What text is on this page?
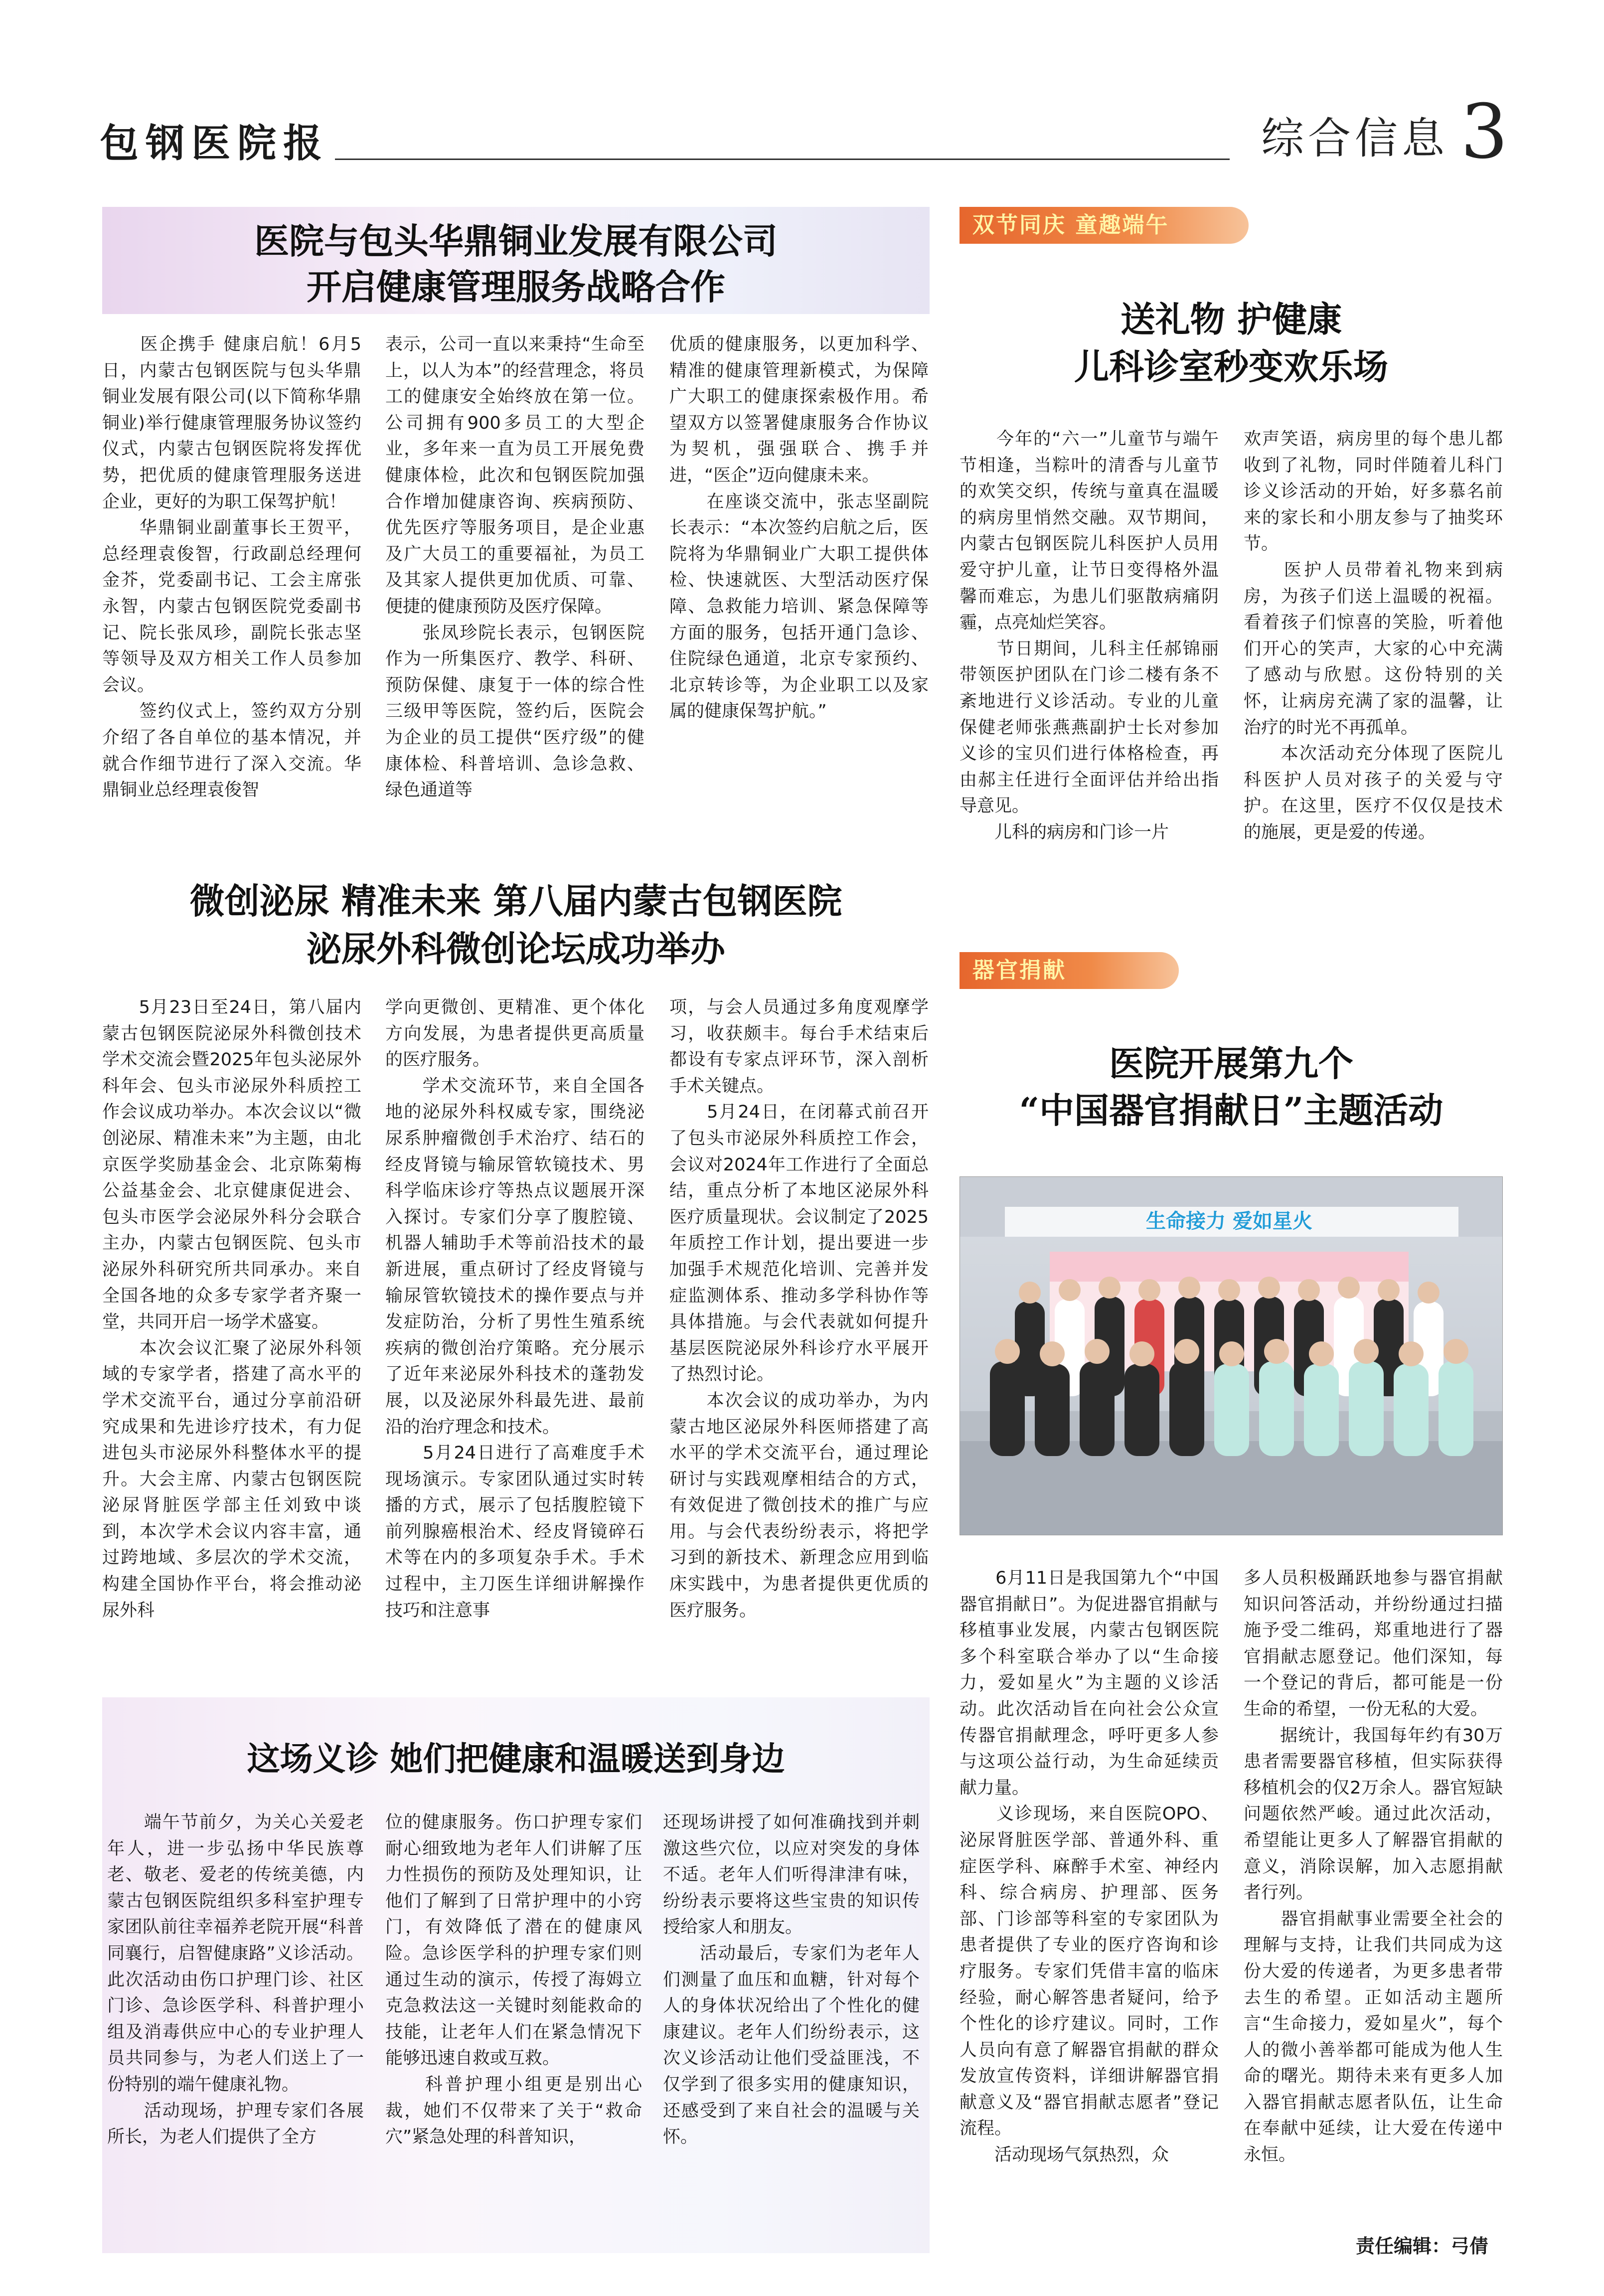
包钢医院报	综合信息 3
医院与包头华鼎铜业发展有限公司
开启健康管理服务战略合作
　　医企携手 健康启航！6月5日，内蒙古包钢医院与包头华鼎铜业发展有限公司(以下简称华鼎铜业)举行健康管理服务协议签约仪式，内蒙古包钢医院将发挥优势，把优质的健康管理服务送进企业，更好的为职工保驾护航！
　　华鼎铜业副董事长王贺平，总经理袁俊智，行政副总经理何金芥，党委副书记、工会主席张永智，内蒙古包钢医院党委副书记、院长张凤珍，副院长张志坚等领导及双方相关工作人员参加会议。
　　签约仪式上，签约双方分别介绍了各自单位的基本情况，并就合作细节进行了深入交流。华鼎铜业总经理袁俊智
表示，公司一直以来秉持“生命至上，以人为本”的经营理念，将员工的健康安全始终放在第一位。公司拥有900多员工的大型企业，多年来一直为员工开展免费健康体检，此次和包钢医院加强合作增加健康咨询、疾病预防、优先医疗等服务项目，是企业惠及广大员工的重要福祉，为员工及其家人提供更加优质、可靠、便捷的健康预防及医疗保障。
　　张凤珍院长表示，包钢医院作为一所集医疗、教学、科研、预防保健、康复于一体的综合性三级甲等医院，签约后，医院会为企业的员工提供“医疗级”的健康体检、科普培训、急诊急救、绿色通道等
优质的健康服务，以更加科学、精准的健康管理新模式，为保障广大职工的健康探索极作用。希望双方以签署健康服务合作协议为契机，强强联合、携手并进，“医企”迈向健康未来。
　　在座谈交流中，张志坚副院长表示：“本次签约启航之后，医院将为华鼎铜业广大职工提供体检、快速就医、大型活动医疗保障、急救能力培训、紧急保障等方面的服务，包括开通门急诊、住院绿色通道，北京专家预约、北京转诊等，为企业职工以及家属的健康保驾护航。”
微创泌尿 精准未来 第八届内蒙古包钢医院
泌尿外科微创论坛成功举办
　　5月23日至24日，第八届内蒙古包钢医院泌尿外科微创技术学术交流会暨2025年包头泌尿外科年会、包头市泌尿外科质控工作会议成功举办。本次会议以“微创泌尿、精准未来”为主题，由北京医学奖励基金会、北京陈菊梅公益基金会、北京健康促进会、包头市医学会泌尿外科分会联合主办，内蒙古包钢医院、包头市泌尿外科研究所共同承办。来自全国各地的众多专家学者齐聚一堂，共同开启一场学术盛宴。
　　本次会议汇聚了泌尿外科领域的专家学者，搭建了高水平的学术交流平台，通过分享前沿研究成果和先进诊疗技术，有力促进包头市泌尿外科整体水平的提升。大会主席、内蒙古包钢医院泌尿肾脏医学部主任刘致中谈到，本次学术会议内容丰富，通过跨地域、多层次的学术交流，构建全国协作平台，将会推动泌尿外科
学向更微创、更精准、更个体化方向发展，为患者提供更高质量的医疗服务。
　　学术交流环节，来自全国各地的泌尿外科权威专家，围绕泌尿系肿瘤微创手术治疗、结石的经皮肾镜与输尿管软镜技术、男科学临床诊疗等热点议题展开深入探讨。专家们分享了腹腔镜、机器人辅助手术等前沿技术的最新进展，重点研讨了经皮肾镜与输尿管软镜技术的操作要点与并发症防治，分析了男性生殖系统疾病的微创治疗策略。充分展示了近年来泌尿外科技术的蓬勃发展，以及泌尿外科最先进、最前沿的治疗理念和技术。
　　5月24日进行了高难度手术现场演示。专家团队通过实时转播的方式，展示了包括腹腔镜下前列腺癌根治术、经皮肾镜碎石术等在内的多项复杂手术。手术过程中，主刀医生详细讲解操作技巧和注意事
项，与会人员通过多角度观摩学习，收获颇丰。每台手术结束后都设有专家点评环节，深入剖析手术关键点。
　　5月24日，在闭幕式前召开了包头市泌尿外科质控工作会，会议对2024年工作进行了全面总结，重点分析了本地区泌尿外科医疗质量现状。会议制定了2025年质控工作计划，提出要进一步加强手术规范化培训、完善并发症监测体系、推动多学科协作等具体措施。与会代表就如何提升基层医院泌尿外科诊疗水平展开了热烈讨论。
　　本次会议的成功举办，为内蒙古地区泌尿外科医师搭建了高水平的学术交流平台，通过理论研讨与实践观摩相结合的方式，有效促进了微创技术的推广与应用。与会代表纷纷表示，将把学习到的新技术、新理念应用到临床实践中，为患者提供更优质的医疗服务。
这场义诊 她们把健康和温暖送到身边
　　端午节前夕，为关心关爱老年人，进一步弘扬中华民族尊老、敬老、爱老的传统美德，内蒙古包钢医院组织多科室护理专家团队前往幸福养老院开展“科普同襄行，启智健康路”义诊活动。此次活动由伤口护理门诊、社区门诊、急诊医学科、科普护理小组及消毒供应中心的专业护理人员共同参与，为老人们送上了一份特别的端午健康礼物。
　　活动现场，护理专家们各展所长，为老人们提供了全方
位的健康服务。伤口护理专家们耐心细致地为老年人们讲解了压力性损伤的预防及处理知识，让他们了解到了日常护理中的小窍门，有效降低了潜在的健康风险。急诊医学科的护理专家们则通过生动的演示，传授了海姆立克急救法这一关键时刻能救命的技能，让老年人们在紧急情况下能够迅速自救或互救。
　　科普护理小组更是别出心裁，她们不仅带来了关于“救命穴”紧急处理的科普知识，
还现场讲授了如何准确找到并刺激这些穴位，以应对突发的身体不适。老年人们听得津津有味，纷纷表示要将这些宝贵的知识传授给家人和朋友。
　　活动最后，专家们为老年人们测量了血压和血糖，针对每个人的身体状况给出了个性化的健康建议。老年人们纷纷表示，这次义诊活动让他们受益匪浅，不仅学到了很多实用的健康知识，还感受到了来自社会的温暖与关怀。
双节同庆 童趣端午
送礼物 护健康
儿科诊室秒变欢乐场
　　今年的“六一”儿童节与端午节相逢，当粽叶的清香与儿童节的欢笑交织，传统与童真在温暖的病房里悄然交融。双节期间，内蒙古包钢医院儿科医护人员用爱守护儿童，让节日变得格外温馨而难忘，为患儿们驱散病痛阴霾，点亮灿烂笑容。
　　节日期间，儿科主任郝锦丽带领医护团队在门诊二楼有条不紊地进行义诊活动。专业的儿童保健老师张燕燕副护士长对参加义诊的宝贝们进行体格检查，再由郝主任进行全面评估并给出指导意见。
　　儿科的病房和门诊一片
欢声笑语，病房里的每个患儿都收到了礼物，同时伴随着儿科门诊义诊活动的开始，好多慕名前来的家长和小朋友参与了抽奖环节。
　　医护人员带着礼物来到病房，为孩子们送上温暖的祝福。看着孩子们惊喜的笑脸，听着他们开心的笑声，大家的心中充满了感动与欣慰。这份特别的关怀，让病房充满了家的温馨，让治疗的时光不再孤单。
　　本次活动充分体现了医院儿科医护人员对孩子的关爱与守护。在这里，医疗不仅仅是技术的施展，更是爱的传递。
器官捐献
医院开展第九个
“中国器官捐献日”主题活动
生命接力 爱如星火
　　6月11日是我国第九个“中国器官捐献日”。为促进器官捐献与移植事业发展，内蒙古包钢医院多个科室联合举办了以“生命接力，爱如星火”为主题的义诊活动。此次活动旨在向社会公众宣传器官捐献理念，呼吁更多人参与这项公益行动，为生命延续贡献力量。
　　义诊现场，来自医院OPO、泌尿肾脏医学部、普通外科、重症医学科、麻醉手术室、神经内科、综合病房、护理部、医务部、门诊部等科室的专家团队为患者提供了专业的医疗咨询和诊疗服务。专家们凭借丰富的临床经验，耐心解答患者疑问，给予个性化的诊疗建议。同时，工作人员向有意了解器官捐献的群众发放宣传资料，详细讲解器官捐献意义及“器官捐献志愿者”登记流程。
　　活动现场气氛热烈，众
多人员积极踊跃地参与器官捐献知识问答活动，并纷纷通过扫描施予受二维码，郑重地进行了器官捐献志愿登记。他们深知，每一个登记的背后，都可能是一份生命的希望，一份无私的大爱。
　　据统计，我国每年约有30万患者需要器官移植，但实际获得移植机会的仅2万余人。器官短缺问题依然严峻。通过此次活动，希望能让更多人了解器官捐献的意义，消除误解，加入志愿捐献者行列。
　　器官捐献事业需要全社会的理解与支持，让我们共同成为这份大爱的传递者，为更多患者带去生的希望。正如活动主题所言“生命接力，爱如星火”，每个人的微小善举都可能成为他人生命的曙光。期待未来有更多人加入器官捐献志愿者队伍，让生命在奉献中延续，让大爱在传递中永恒。
责任编辑：弓倩
